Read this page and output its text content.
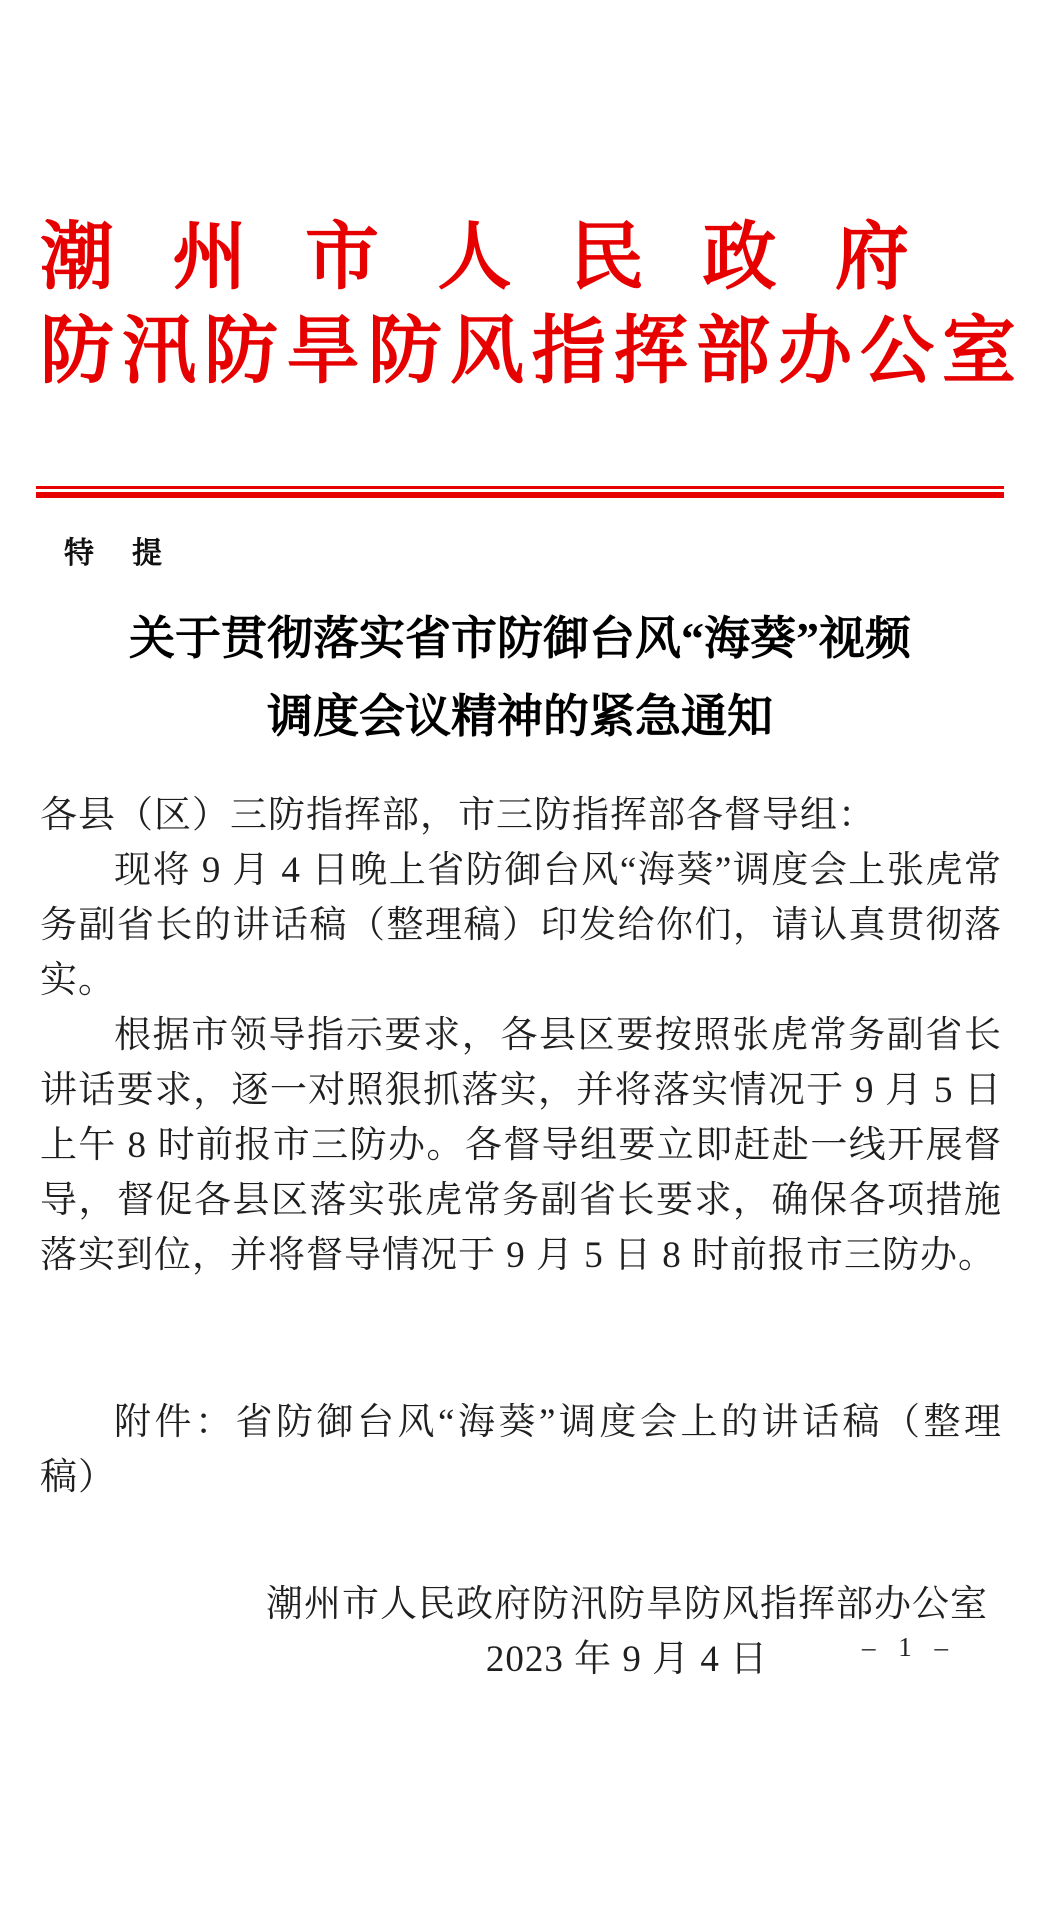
潮 州 市 人 民 政 府
防汛防旱防风指挥部办公室
特　提
关于贯彻落实省市防御台风“海葵”视频
调度会议精神的紧急通知

各县（区）三防指挥部，市三防指挥部各督导组：

现将 9 月 4 日晚上省防御台风“海葵”调度会上张虎常务副省长的讲话稿（整理稿）印发给你们，请认真贯彻落实。

根据市领导指示要求，各县区要按照张虎常务副省长讲话要求，逐一对照狠抓落实，并将落实情况于 9 月 5 日上午 8 时前报市三防办。各督导组要立即赶赴一线开展督导，督促各县区落实张虎常务副省长要求，确保各项措施落实到位，并将督导情况于 9 月 5 日 8 时前报市三防办。

附件：省防御台风“海葵”调度会上的讲话稿（整理稿）

潮州市人民政府防汛防旱防风指挥部办公室
2023 年 9 月 4 日	– 1 –
